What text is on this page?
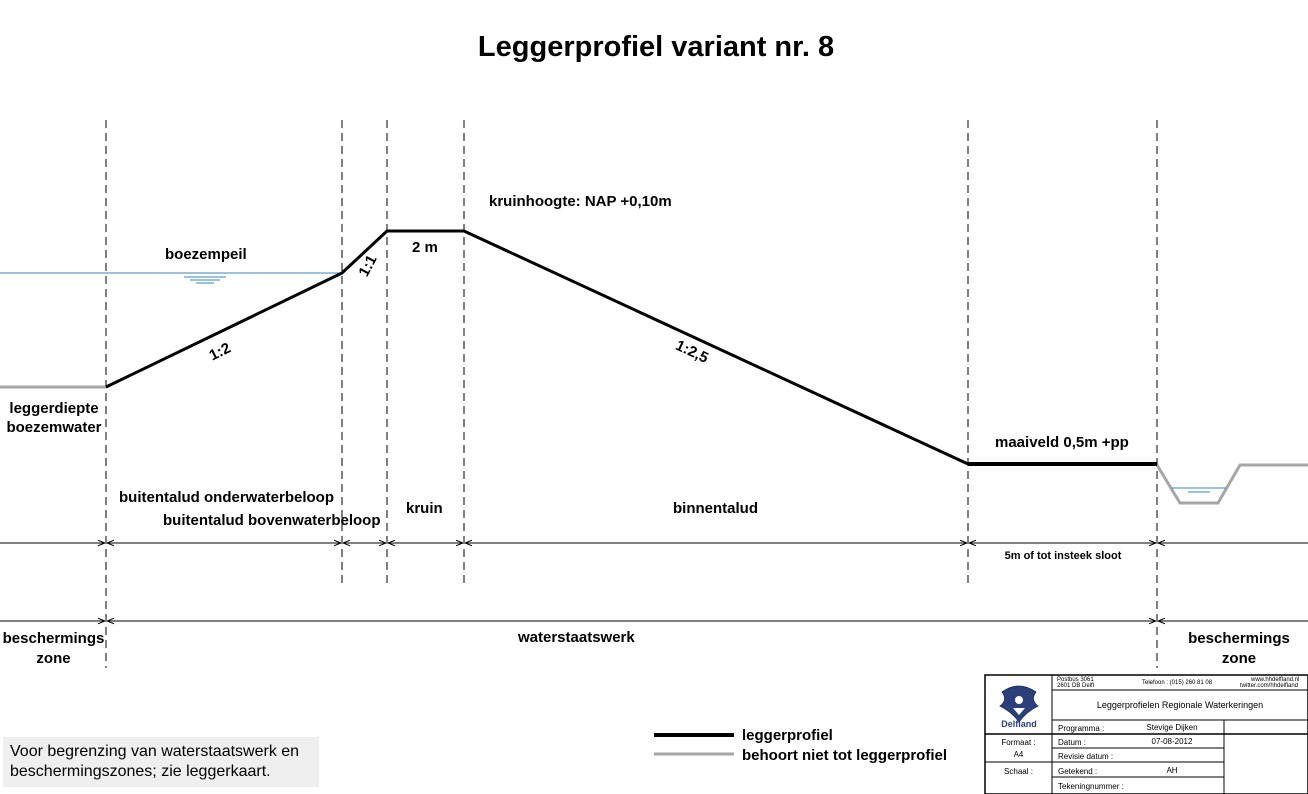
1:2
1:1
1:2,5
Leggerprofiel variant nr. 8
kruinhoogte: NAP +0,10m
boezempeil	2 m
maaiveld 0,5m +pp
leggerdiepte
boezemwater
buitentalud onderwaterbeloop
buitentalud bovenwaterbeloop
kruin	binnentalud
5m of tot insteek sloot
beschermings
zone
waterstaatswerk	beschermings
zone
leggerprofiel
behoort niet tot leggerprofiel
Voor begrenzing van waterstaatswerk en
beschermingszones; zie leggerkaart.
Delfland
Postbus 3061
2601 DB Delft	Telefoon : (015) 260 81 08	www.hhdelfland.nl
twitter.com/hhdelfland
Leggerprofielen Regionale Waterkeringen
Formaat :
A4
Schaal :
Programma :	Stevige Dijken
Datum :	07-08-2012
Revisie datum :
Getekend :	AH
Tekeningnummer :
